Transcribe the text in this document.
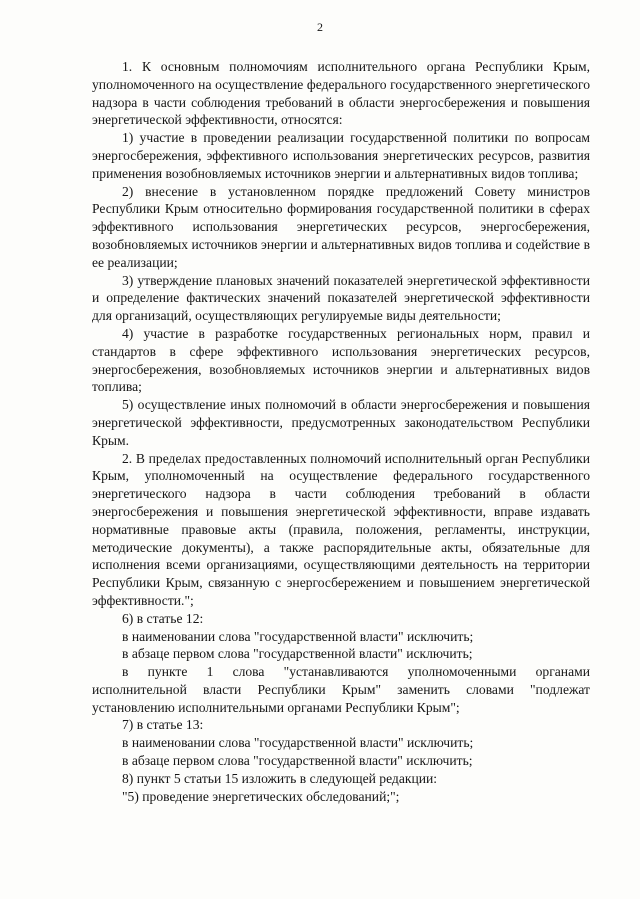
2

1. К основным полномочиям исполнительного органа Республики Крым, уполномоченного на осуществление федерального государственного энергетического надзора в части соблюдения требований в области энергосбережения и повышения энергетической эффективности, относятся:

1) участие в проведении реализации государственной политики по вопросам энергосбережения, эффективного использования энергетических ресурсов, развития применения возобновляемых источников энергии и альтернативных видов топлива;

2) внесение в установленном порядке предложений Совету министров Республики Крым относительно формирования государственной политики в сферах эффективного использования энергетических ресурсов, энергосбережения, возобновляемых источников энергии и альтернативных видов топлива и содействие в ее реализации;

3) утверждение плановых значений показателей энергетической эффективности и определение фактических значений показателей энергетической эффективности для организаций, осуществляющих регулируемые виды деятельности;

4) участие в разработке государственных региональных норм, правил и стандартов в сфере эффективного использования энергетических ресурсов, энергосбережения, возобновляемых источников энергии и альтернативных видов топлива;

5) осуществление иных полномочий в области энергосбережения и повышения энергетической эффективности, предусмотренных законодательством Республики Крым.

2. В пределах предоставленных полномочий исполнительный орган Республики Крым, уполномоченный на осуществление федерального государственного энергетического надзора в части соблюдения требований в области энергосбережения и повышения энергетической эффективности, вправе издавать нормативные правовые акты (правила, положения, регламенты, инструкции, методические документы), а также распорядительные акты, обязательные для исполнения всеми организациями, осуществляющими деятельность на территории Республики Крым, связанную с энергосбережением и повышением энергетической эффективности.";

6) в статье 12:

в наименовании слова "государственной власти" исключить;

в абзаце первом слова "государственной власти" исключить;

в пункте 1 слова "устанавливаются уполномоченными органами исполнительной власти Республики Крым" заменить словами "подлежат установлению исполнительными органами Республики Крым";

7) в статье 13:

в наименовании слова "государственной власти" исключить;

в абзаце первом слова "государственной власти" исключить;

8) пункт 5 статьи 15 изложить в следующей редакции:

"5) проведение энергетических обследований;";
